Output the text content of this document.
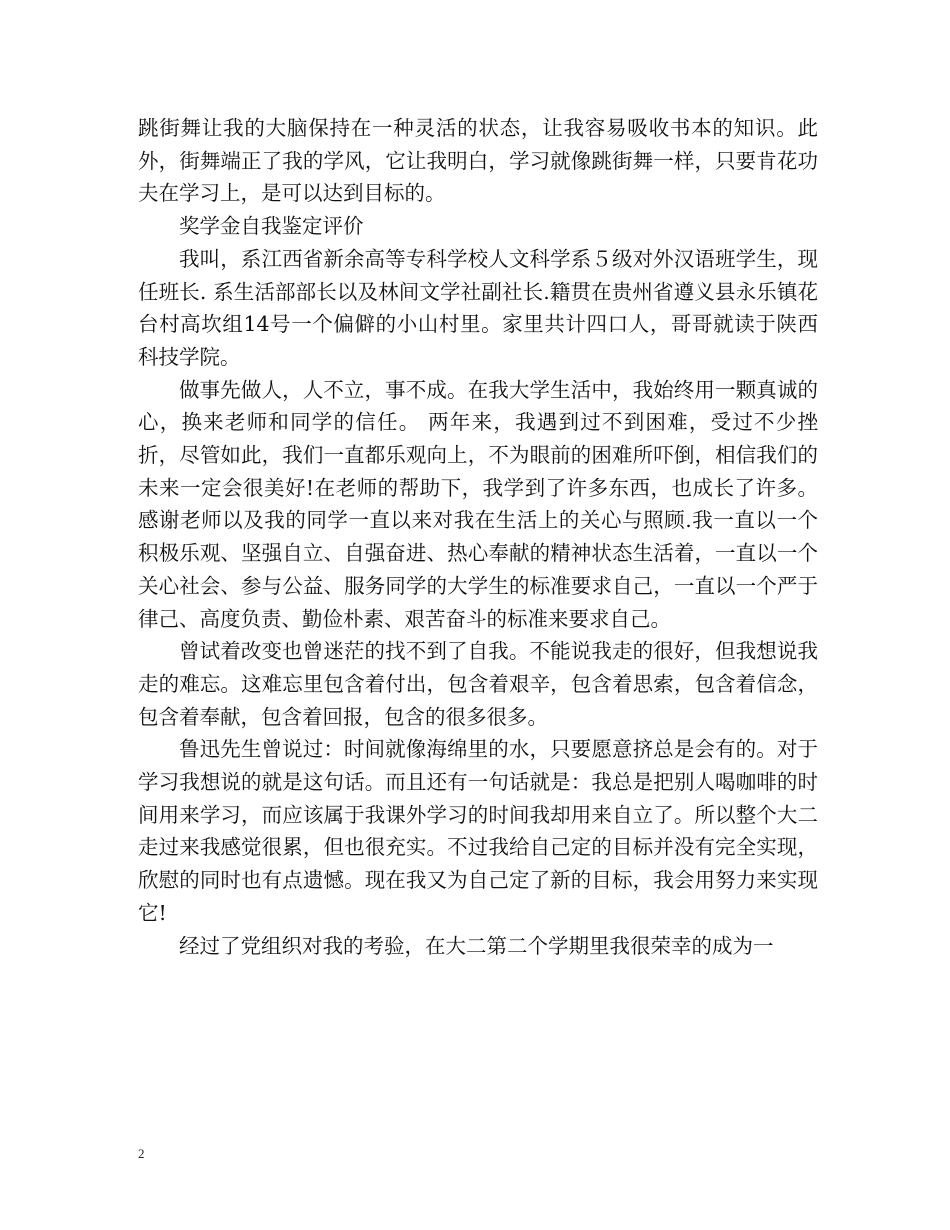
跳街舞让我的大脑保持在一种灵活的状态，让我容易吸收书本的知识。此外，街舞端正了我的学风，它让我明白，学习就像跳街舞一样，只要肯花功夫在学习上，是可以达到目标的。

奖学金自我鉴定评价

我叫，系江西省新余高等专科学校人文科学系５级对外汉语班学生，现任班长. 系生活部部长以及林间文学社副社长.籍贯在贵州省遵义县永乐镇花台村高坎组14号一个偏僻的小山村里。家里共计四口人，哥哥就读于陕西科技学院。

做事先做人，人不立，事不成。在我大学生活中，我始终用一颗真诚的心，换来老师和同学的信任。 两年来，我遇到过不到困难，受过不少挫折，尽管如此，我们一直都乐观向上，不为眼前的困难所吓倒，相信我们的未来一定会很美好!在老师的帮助下，我学到了许多东西，也成长了许多。感谢老师以及我的同学一直以来对我在生活上的关心与照顾.我一直以一个积极乐观、坚强自立、自强奋进、热心奉献的精神状态生活着，一直以一个关心社会、参与公益、服务同学的大学生的标准要求自己，一直以一个严于律己、高度负责、勤俭朴素、艰苦奋斗的标准来要求自己。

曾试着改变也曾迷茫的找不到了自我。不能说我走的很好，但我想说我走的难忘。这难忘里包含着付出，包含着艰辛，包含着思索，包含着信念，包含着奉献，包含着回报，包含的很多很多。

鲁迅先生曾说过：时间就像海绵里的水，只要愿意挤总是会有的。对于学习我想说的就是这句话。而且还有一句话就是：我总是把别人喝咖啡的时间用来学习，而应该属于我课外学习的时间我却用来自立了。所以整个大二走过来我感觉很累，但也很充实。不过我给自己定的目标并没有完全实现，欣慰的同时也有点遗憾。现在我又为自己定了新的目标，我会用努力来实现它!

经过了党组织对我的考验，在大二第二个学期里我很荣幸的成为一

2
